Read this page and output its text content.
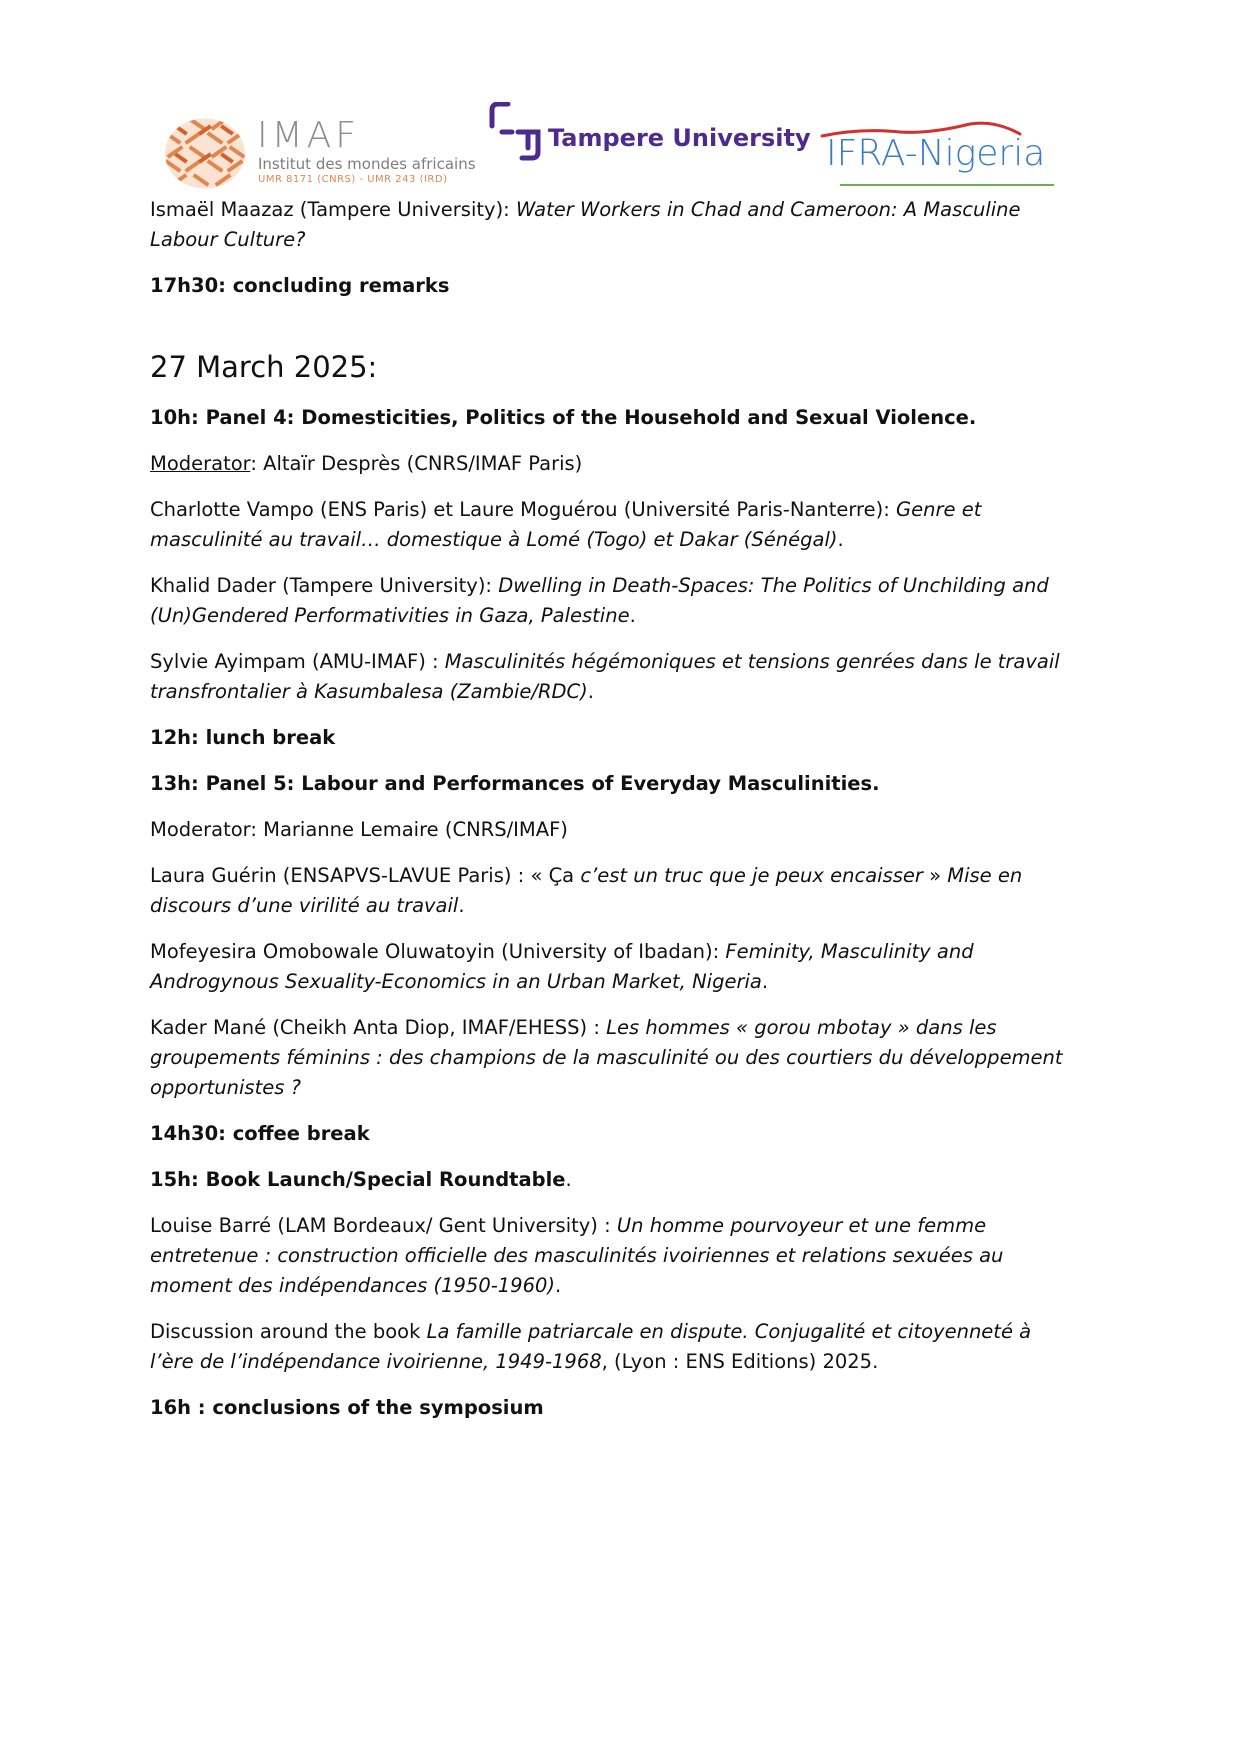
IMAF
Institut des mondes africains
UMR 8171 (CNRS) - UMR 243 (IRD)
Tampere University IFRA-Nigeria

Ismaël Maazaz (Tampere University): Water Workers in Chad and Cameroon: A Masculine Labour Culture?

17h30: concluding remarks

27 March 2025:

10h: Panel 4: Domesticities, Politics of the Household and Sexual Violence.

Moderator: Altaïr Desprès (CNRS/IMAF Paris)

Charlotte Vampo (ENS Paris) et Laure Moguérou (Université Paris-Nanterre): Genre et masculinité au travail… domestique à Lomé (Togo) et Dakar (Sénégal).

Khalid Dader (Tampere University): Dwelling in Death-Spaces: The Politics of Unchilding and (Un)Gendered Performativities in Gaza, Palestine.

Sylvie Ayimpam (AMU-IMAF) : Masculinités hégémoniques et tensions genrées dans le travail transfrontalier à Kasumbalesa (Zambie/RDC).

12h: lunch break

13h: Panel 5: Labour and Performances of Everyday Masculinities.

Moderator: Marianne Lemaire (CNRS/IMAF)

Laura Guérin (ENSAPVS-LAVUE Paris) : « Ça c’est un truc que je peux encaisser » Mise en discours d’une virilité au travail.

Mofeyesira Omobowale Oluwatoyin (University of Ibadan): Feminity, Masculinity and Androgynous Sexuality-Economics in an Urban Market, Nigeria.

Kader Mané (Cheikh Anta Diop, IMAF/EHESS) : Les hommes « gorou mbotay » dans les groupements féminins : des champions de la masculinité ou des courtiers du développement opportunistes ?

14h30: coffee break

15h: Book Launch/Special Roundtable.

Louise Barré (LAM Bordeaux/ Gent University) : Un homme pourvoyeur et une femme entretenue : construction officielle des masculinités ivoiriennes et relations sexuées au moment des indépendances (1950-1960).

Discussion around the book La famille patriarcale en dispute. Conjugalité et citoyenneté à l’ère de l’indépendance ivoirienne, 1949-1968, (Lyon : ENS Editions) 2025.

16h : conclusions of the symposium
